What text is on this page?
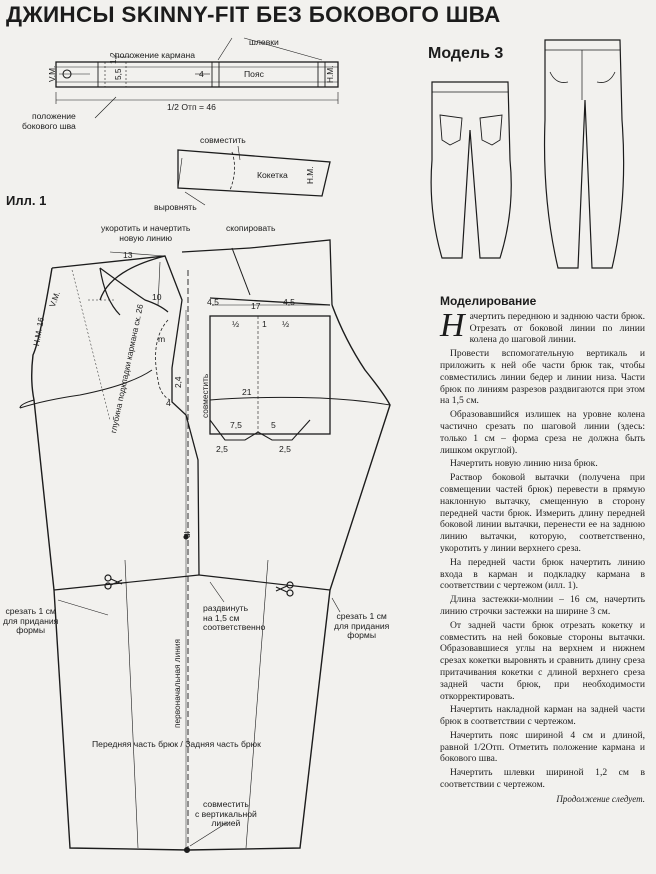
ДЖИНСЫ SKINNY-FIT БЕЗ БОКОВОГО ШВА
Модель 3
Илл. 1
положение кармана
шлевки
Пояс
4
1/2 Отп = 46
положение
бокового шва
V.M.	H.M.
1,2
5,5
совместить
Кокетка
выровнять
H.M.
скопировать
укоротить и начертить
новую линию
13
10	4,5	17	4,5
½	½
1
21
7,5	5
2,5	2,5
m
4
2,4
V.M.
H.M. 16	глубина подкладки кармана ск. 26	совместить
dl
срезать 1 см
для придания
формы
раздвинуть
на 1,5 см
соответственно
срезать 1 см
для придания
формы
первоначальная линия
Передняя часть брюк / Задняя часть брюк
совместить
с вертикальной
линией
Моделирование

Начертить переднюю и заднюю части брюк. Отрезать от боковой линии по линии колена до шаговой линии.

Провести вспомогательную вертикаль и приложить к ней обе части брюк так, чтобы совместились линии бедер и линии низа. Части брюк по линиям разрезов раздвигаются при этом на 1,5 см.

Образовавшийся излишек на уровне колена частично срезать по шаговой линии (здесь: только 1 см – форма среза не должна быть лишком округлой).

Начертить новую линию низа брюк.

Раствор боковой вытачки (получена при совмещении частей брюк) перевести в прямую наклонную вытачку, смещенную в сторону передней части брюк. Измерить длину передней боковой линии вытачки, перенести ее на заднюю линию вытачки, которую, соответственно, укоротить у линии верхнего среза.

На передней части брюк начертить линию входа в карман и подкладку кармана в соответствии с чертежом (илл. 1).

Длина застежки-молнии – 16 см, начертить линию строчки застежки на ширине 3 см.

От задней части брюк отрезать кокетку и совместить на ней боковые стороны вытачки. Образовавшиеся углы на верхнем и нижнем срезах кокетки выровнять и сравнить длину среза притачивания кокетки с длиной верхнего среза задней части брюк, при необходимости откорректировать.

Начертить накладной карман на задней части брюк в соответствии с чертежом.

Начертить пояс шириной 4 см и длиной, равной 1/2Отп. Отметить положение кармана и бокового шва.

Начертить шлевки шириной 1,2 см в соответствии с чертежом.

Продолжение следует.
